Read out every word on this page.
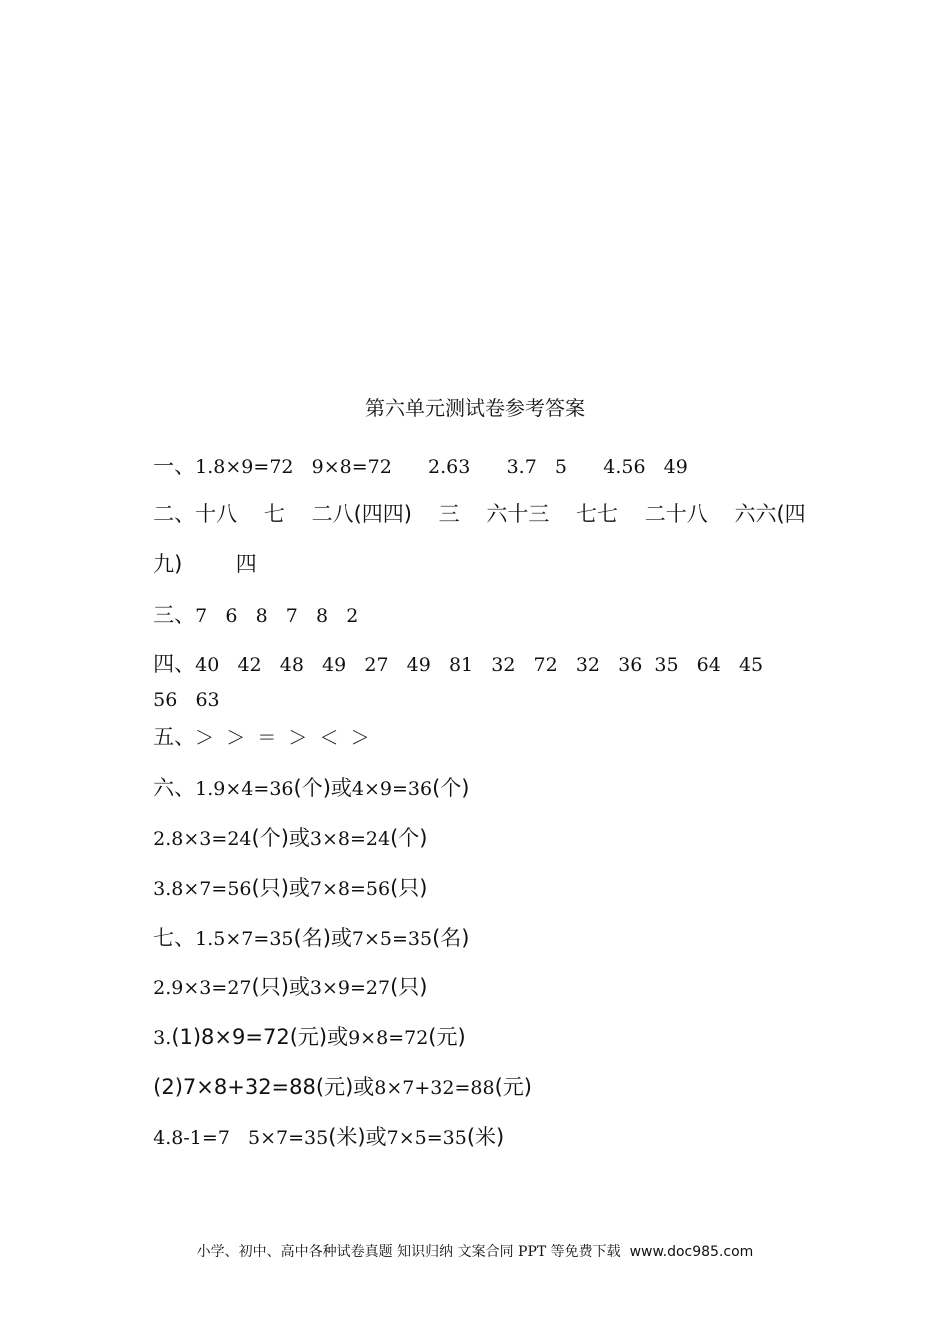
第六单元测试卷参考答案

一、1.8×9=72   9×8=72      2.63      3.7   5      4.56   49

二、十八    七    二八(四四)    三    六十三    七七    二十八    六六(四

九)        四

三、7   6   8   7   8   2

四、40   42   48   49   27   49   81   32   72   32   36  35   64   45

56   63

五、＞  ＞  ＝  ＞  ＜  ＞

六、1.9×4=36(个)或4×9=36(个)

2.8×3=24(个)或3×8=24(个)

3.8×7=56(只)或7×8=56(只)

七、1.5×7=35(名)或7×5=35(名)

2.9×3=27(只)或3×9=27(只)

3.(1)8×9=72(元)或9×8=72(元)

(2)7×8+32=88(元)或8×7+32=88(元)

4.8-1=7   5×7=35(米)或7×5=35(米)

小学、初中、高中各种试卷真题 知识归纳 文案合同 PPT 等免费下载 www.doc985.com
